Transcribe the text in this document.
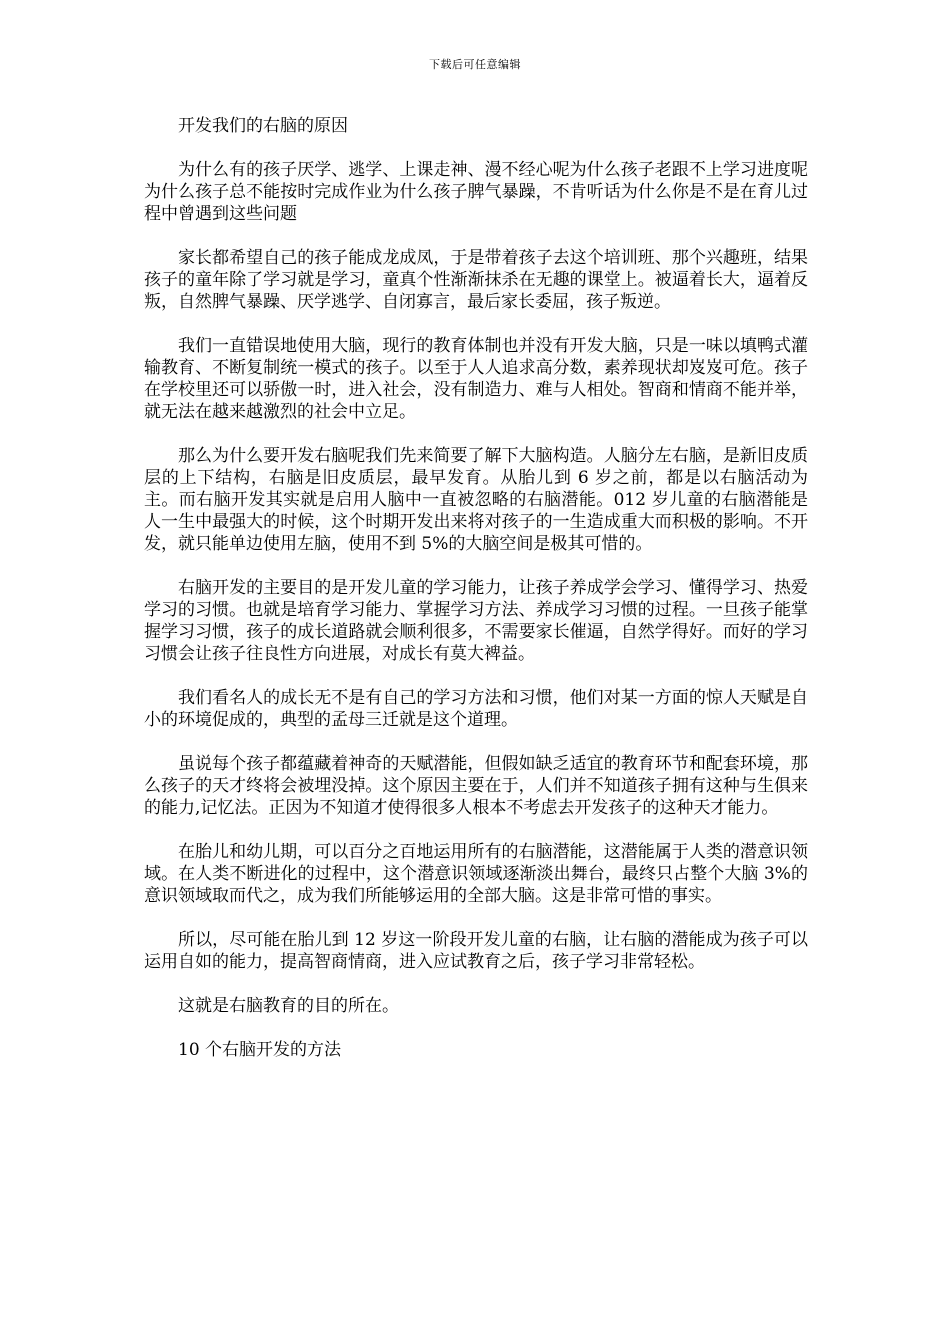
下载后可任意编辑

开发我们的右脑的原因

为什么有的孩子厌学、逃学、上课走神、漫不经心呢为什么孩子老跟不上学习进度呢为什么孩子总不能按时完成作业为什么孩子脾气暴躁，不肯听话为什么你是不是在育儿过程中曾遇到这些问题

家长都希望自己的孩子能成龙成凤，于是带着孩子去这个培训班、那个兴趣班，结果孩子的童年除了学习就是学习，童真个性渐渐抹杀在无趣的课堂上。被逼着长大，逼着反叛，自然脾气暴躁、厌学逃学、自闭寡言，最后家长委屈，孩子叛逆。

我们一直错误地使用大脑，现行的教育体制也并没有开发大脑，只是一味以填鸭式灌输教育、不断复制统一模式的孩子。以至于人人追求高分数，素养现状却岌岌可危。孩子在学校里还可以骄傲一时，进入社会，没有制造力、难与人相处。智商和情商不能并举，就无法在越来越激烈的社会中立足。

那么为什么要开发右脑呢我们先来简要了解下大脑构造。人脑分左右脑，是新旧皮质层的上下结构，右脑是旧皮质层，最早发育。从胎儿到 6 岁之前，都是以右脑活动为主。而右脑开发其实就是启用人脑中一直被忽略的右脑潜能。012 岁儿童的右脑潜能是人一生中最强大的时候，这个时期开发出来将对孩子的一生造成重大而积极的影响。不开发，就只能单边使用左脑，使用不到 5%的大脑空间是极其可惜的。

右脑开发的主要目的是开发儿童的学习能力，让孩子养成学会学习、懂得学习、热爱学习的习惯。也就是培育学习能力、掌握学习方法、养成学习习惯的过程。一旦孩子能掌握学习习惯，孩子的成长道路就会顺利很多，不需要家长催逼，自然学得好。而好的学习习惯会让孩子往良性方向进展，对成长有莫大裨益。

我们看名人的成长无不是有自己的学习方法和习惯，他们对某一方面的惊人天赋是自小的环境促成的，典型的孟母三迁就是这个道理。

虽说每个孩子都蕴藏着神奇的天赋潜能，但假如缺乏适宜的教育环节和配套环境，那么孩子的天才终将会被埋没掉。这个原因主要在于，人们并不知道孩子拥有这种与生俱来的能力,记忆法。正因为不知道才使得很多人根本不考虑去开发孩子的这种天才能力。

在胎儿和幼儿期，可以百分之百地运用所有的右脑潜能，这潜能属于人类的潜意识领域。在人类不断进化的过程中，这个潜意识领域逐渐淡出舞台，最终只占整个大脑 3%的意识领域取而代之，成为我们所能够运用的全部大脑。这是非常可惜的事实。

所以，尽可能在胎儿到 12 岁这一阶段开发儿童的右脑，让右脑的潜能成为孩子可以运用自如的能力，提高智商情商，进入应试教育之后，孩子学习非常轻松。

这就是右脑教育的目的所在。

10 个右脑开发的方法
